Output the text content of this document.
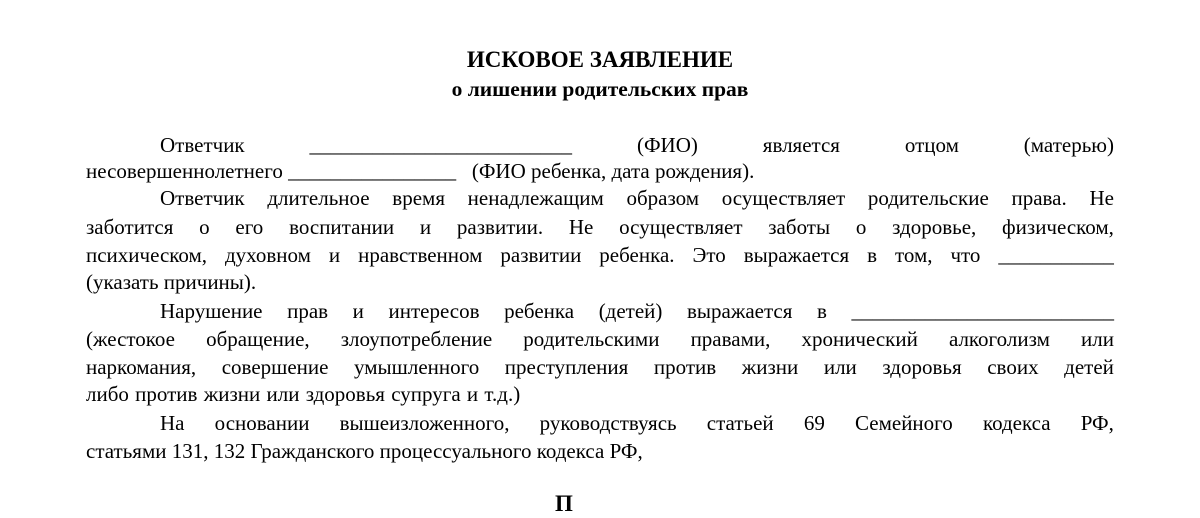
ИСКОВОЕ ЗАЯВЛЕНИЕ
о лишении родительских прав
Ответчик	_________________________	(ФИО)	является	отцом	(матерью)
несовершеннолетнего ________________   (ФИО ребенка, дата рождения).
Ответчик длительное время ненадлежащим образом осуществляет родительские права. Не
заботится о его воспитании и развитии. Не осуществляет заботы о здоровье, физическом,
психическом, духовном и нравственном развитии ребенка. Это выражается в том, что ___________
(указать причины).
Нарушение прав и интересов ребенка (детей) выражается в _________________________
(жестокое обращение, злоупотребление родительскими правами, хронический алкоголизм или
наркомания, совершение умышленного преступления против жизни или здоровья своих детей
либо против жизни или здоровья супруга и т.д.)
На основании вышеизложенного, руководствуясь статьей 69 Семейного кодекса РФ,
статьями 131, 132 Гражданского процессуального кодекса РФ,
П
